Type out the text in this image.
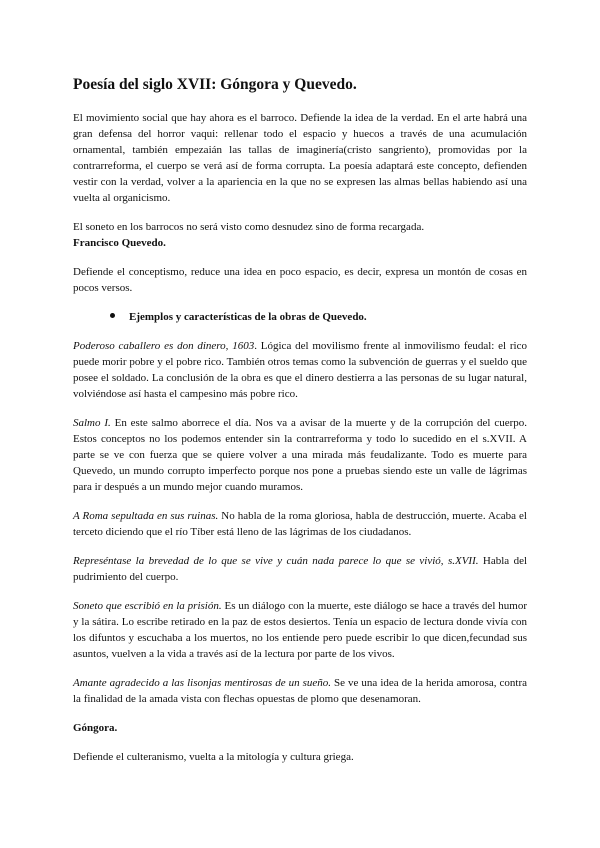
Poesía del siglo XVII: Góngora y Quevedo.

El movimiento social que hay ahora es el barroco. Defiende la idea de la verdad. En el arte habrá una gran defensa del horror vaqui: rellenar todo el espacio y huecos a través de una acumulación ornamental, también empezaián las tallas de imaginería(cristo sangriento), promovidas por la contrarreforma, el cuerpo se verá así de forma corrupta. La poesía adaptará este concepto, defienden vestir con la verdad, volver a la apariencia en la que no se expresen las almas bellas habiendo así una vuelta al organicismo.

El soneto en los barrocos no será visto como desnudez sino de forma recargada.

Francisco Quevedo.

Defiende el conceptismo, reduce una idea en poco espacio, es decir, expresa un montón de cosas en pocos versos.

Ejemplos y características de la obras de Quevedo.

Poderoso caballero es don dinero, 1603. Lógica del movilismo frente al inmovilismo feudal: el rico puede morir pobre y el pobre rico. También otros temas como la subvención de guerras y el sueldo que posee el soldado. La conclusión de la obra es que el dinero destierra a las personas de su lugar natural, volviéndose así hasta el campesino más pobre rico.

Salmo I. En este salmo aborrece el día. Nos va a avisar de la muerte y de la corrupción del cuerpo. Estos conceptos no los podemos entender sin la contrarreforma y todo lo sucedido en el s.XVII. A parte se ve con fuerza que se quiere volver a una mirada más feudalizante. Todo es muerte para Quevedo, un mundo corrupto imperfecto porque nos pone a pruebas siendo este un valle de lágrimas para ir después a un mundo mejor cuando muramos.

A Roma sepultada en sus ruinas. No habla de la roma gloriosa, habla de destrucción, muerte. Acaba el terceto diciendo que el río Tíber está lleno de las lágrimas de los ciudadanos.

Represéntase la brevedad de lo que se vive y cuán nada parece lo que se vivió, s.XVII. Habla del pudrimiento del cuerpo.

Soneto que escribió en la prisión. Es un diálogo con la muerte, este diálogo se hace a través del humor y la sátira. Lo escribe retirado en la paz de estos desiertos. Tenía un espacio de lectura donde vivía con los difuntos y escuchaba a los muertos, no los entiende pero puede escribir lo que dicen,fecundad sus asuntos, vuelven a la vida a través así de la lectura por parte de los vivos.

Amante agradecido a las lisonjas mentirosas de un sueño. Se ve una idea de la herida amorosa, contra la finalidad de la amada vista con flechas opuestas de plomo que desenamoran.

Góngora.

Defiende el culteranismo, vuelta a la mitología y cultura griega.
